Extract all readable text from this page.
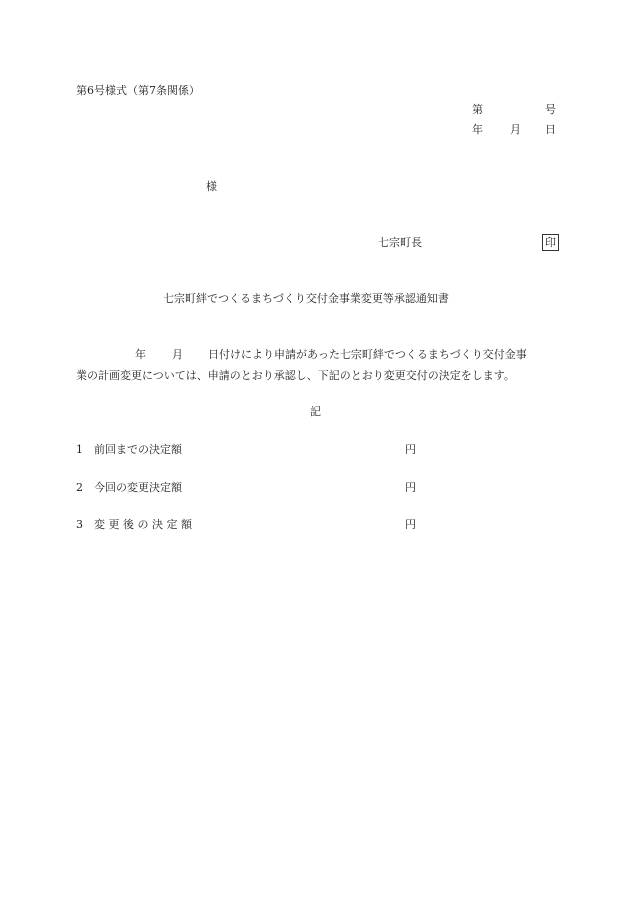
第6号様式（第7条関係）
第	号
年 月 日
様
七宗町長	印
七宗町絆でつくるまちづくり交付金事業変更等承認通知書
年 月 日付けにより申請があった七宗町絆でつくるまちづくり交付金事
業の計画変更については、申請のとおり承認し、下記のとおり変更交付の決定をします。
記
1 前回までの決定額	円
2 今回の変更決定額	円
3 変更後の決定額	円
